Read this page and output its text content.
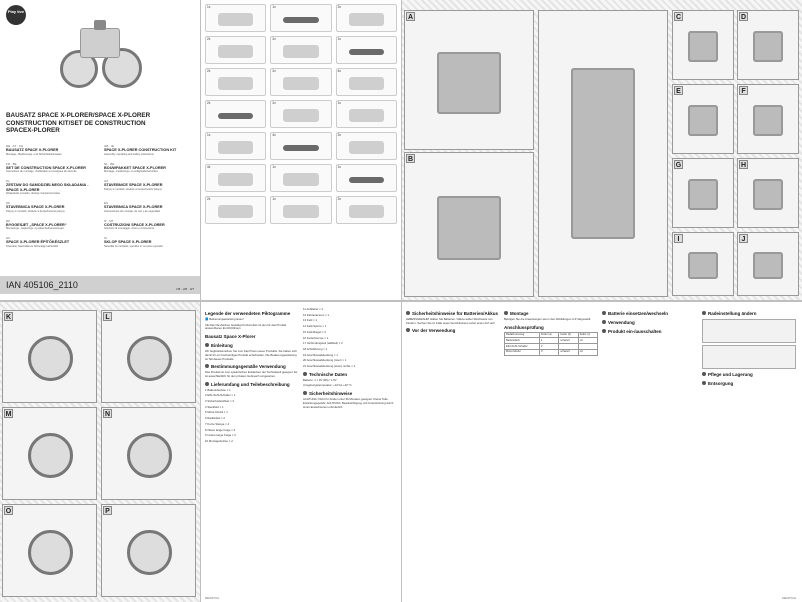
Play tive
BAUSATZ SPACE X-PLORER/SPACE X-PLORER
CONSTRUCTION KIT/SET DE CONSTRUCTION
SPACEX-PLORER
DE · AT · CH
BAUSATZ SPACE X-PLORER
Montage-, Bedienungs- und Sicherheitshinweise
GB · IE
SPACE X-PLORER CONSTRUCTION KIT
Assembly, operating and safety instructions
FR · BE
SET DE CONSTRUCTION SPACE X-PLORER
Instructions de montage, d'utilisation et consignes de sécurité
NL · BE
BOUWPAKKET SPACE X-PLORER
Montage-, bedienings- en veiligheidsinstructies
PL
ZESTAW DO SAMODZIELNEGO SKŁADANIA - SPACE X-PLORER
Wskazówki montażu, obsługi i bezpieczeństwa
CZ
STAVEBNICE SPACE X-PLORER
Pokyny k montáži, obsluze a bezpečnostní pokyny
SK
STAVEBNICA SPACE X-PLORER
Pokyny k montáži, obsluhe a bezpečnostné pokyny
ES
STAVEBNICA SPACE X-PLORER
Instrucciones de montaje, de uso y de seguridad
DK
BYGGESÆT „SPACE X-PLORER“
Monterings-, betjenings- og sikkerhedsanvisninger
IT · MT
COSTRUZIONI SPACE X-PLORER
Istruzioni di montaggio, d'uso e di sicurezza
HU
SPACE X-PLORER ÉPÍTŐKÉSZLET
Szerelési, használati és biztonsági tudnivalók
SI
SKLOP SPACE X-PLORER
Navodila za montažo, uporabo in za varno uporabo
IAN 405106_2110	1/5 · 2/6 · 3/7
1x	1x	2x
2x	2x	1x
2x	2x	4x
2x	2x	1x
1x	4x	2x
4x	1x	1x
2x	1x	2x
A
B
C	D
E	F
G	H
I	J
K	L
M	N
O	P
Legende der verwendeten Piktogramme

📘 Bedienungsanleitung lesen!

CE Das CE-Zeichen bestätigt Konformität mit den für das Produkt anwendbaren EU-Richtlinien

Bausatz Space X-Plorer
Einleitung

Wir beglückwünschen Sie zum Kauf Ihres neuen Produkts. Sie haben sich damit für ein hochwertiges Produkt entschieden. Die Bedienungsanleitung ist Teil dieses Produkts.

Bestimmungsgemäße Verwendung

Das Produkt ist zum spielerischen Entdecken der Technikwelt geeignet. Es ist ausschließlich für den privaten Gebrauch vorgesehen.

Lieferumfang und Teilebeschreibung

1 Batteriebuchse × 1

2 EIN-/AUS-Schalter × 1

3 Sicherheitsstiftset × 2

4 Steckfeld × 1

5 Motor-Modul × 1

6 Radwinkel × 2

7 Kurze Stange × 4

8 Obere lange Feige × 2

9 Untere lange Feige × 2

10 Montagebolzen × 2

11 Aufkleber × 1

12 Fahrantennen × 1

13 Feld × 1

14 Feld-Sperre × 1

15 Feld-Riegel × 2

16 Federbremse × 1

17 Verbindungsteil (Halbteil) × 2

18 Achsführung × 1

19 Anschlussabdeckung × 1

20 Anschlussabdeckung (roter) × 1

21 Anschlussabdeckung (einer) rechts × 1

Technische Daten

Batterie: 1 × 9V (R6) / 1,5V

Umgebungstemperatur: +10 bis +40 °C

Sicherheitshinweise

ACHTUNG: Nicht für Kinder unter 36 Monaten geeignet. Kleine Teile. Erstickungsgefahr. ACHTUNG: Beaufsichtigung und Unterstützung durch einen Erwachsenen erforderlich.

DE/AT/CH
Sicherheitshinweise für Batterien/Akkus

LEBENSGEFAHR! Halten Sie Batterien / Akkus außer Reichweite von Kindern. Suchen Sie im Falle eines Verschluckens sofort einen Arzt auf!

Vor der Verwendung
Montage

Befolgen Sie die Anweisungen wie in den Abbildungen A-P dargestellt.

Anschlussprüfung
Radabmessung	Feder (a)	Feder (b)	Feder (c)
Batteriefach	1	schwarz	rot
EIN-/AUS-Schalter	2		
Motor-Modul	3	schwarz	rot
Batterie einsetzen/wechseln
Verwendung
Produkt ein-/ausschalten
Radeinstellung ändern
Pflege und Lagerung
Entsorgung
DE/AT/CH
